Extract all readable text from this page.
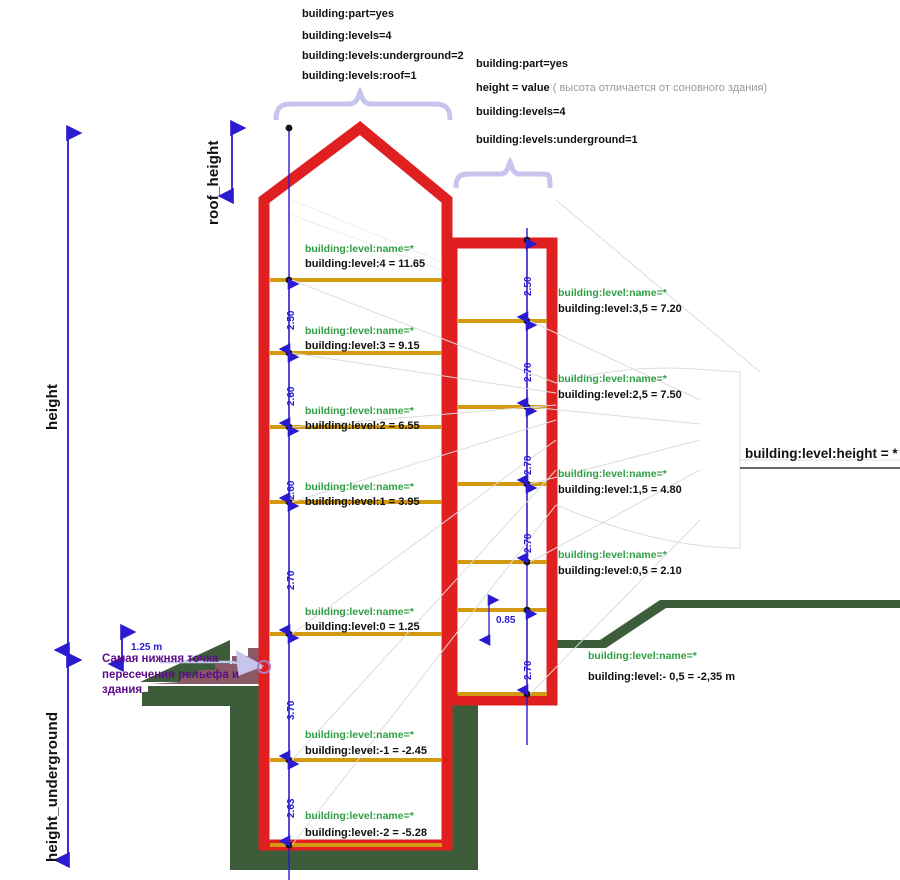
building:part=yes
building:levels=4
building:levels:underground=2
building:levels:roof=1
building:part=yes
height = value ( высота отличается от соновного здания)
building:levels=4
building:levels:underground=1
height
height_underground
roof_height
building:level:name=*
building:level:4 = 11.65
building:level:name=*
building:level:3 = 9.15
building:level:name=*
building:level:2 = 6.55
building:level:name=*
building:level:1 = 3.95
building:level:name=*
building:level:0 = 1.25
building:level:name=*
building:level:-1 = -2.45
building:level:name=*
building:level:-2 = -5.28
building:level:name=*
building:level:3,5 = 7.20
building:level:name=*
building:level:2,5 = 7.50
building:level:name=*
building:level:1,5 = 4.80
building:level:name=*
building:level:0,5 = 2.10
building:level:name=*
building:level:- 0,5 = -2,35 m
2.50
2.60
2.60
2.70
3.70
2.63
2.50
2.70
2.70
2.70
0.85
2.70
Самая нижняя точка пересечения рельефа и здания
1.25 m
building:level:height = *
